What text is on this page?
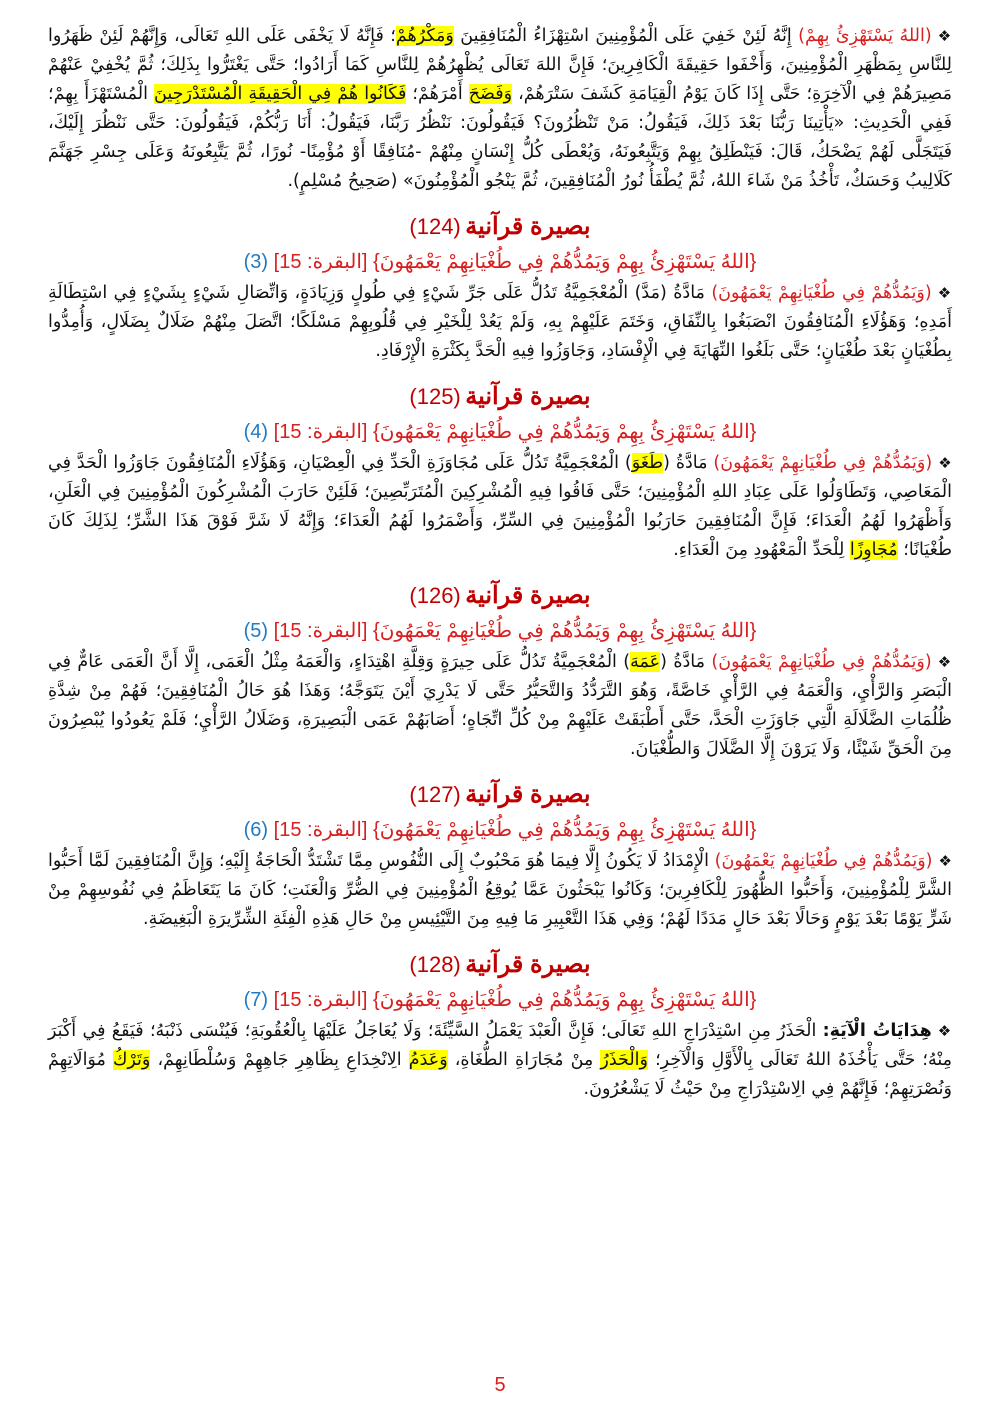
❖(اللهُ يَسْتَهْزِئُ بِهِمْ) إِنَّهُ لَئِنْ خَفِيَ عَلَى الْمُؤْمِنِينَ اسْتِهْزَاءُ الْمُنَافِقِينَ وَمَكْرُهُمْ؛ فَإِنَّهُ لَا يَخْفَى عَلَى اللهِ تَعَالَى، وَإِنَّهُمْ لَئِنْ ظَهَرُوا لِلنَّاسِ بِمَظْهَرِ الْمُؤْمِنِينَ، وَأَخْفَوا حَقِيقَةَ الْكَافِرِينَ؛ فَإِنَّ اللهَ تَعَالَى يُظْهِرُهُمْ لِلنَّاسِ كَمَا أَرَادُوا؛ حَتَّى يَغْتَرُّوا بِذَلِكَ؛ ثُمَّ يُخْفِيْ عَنْهُمْ مَصِيرَهُمْ فِي الْآخِرَةِ؛ حَتَّى إِذَا كَانَ يَوْمُ الْقِيَامَةِ كَشَفَ سَتْرَهُمْ، وَفَضَحَ أَمْرَهُمْ؛ فَكَانُوا هُمْ فِي الْحَقِيقَةِ الْمُسْتَدْرَجِينَ الْمُسْتَهْزَأَ بِهِمْ؛ فَفِي الْحَدِيثِ: «يَأْتِينَا رَبُّنَا بَعْدَ ذَلِكَ، فَيَقُولُ: مَنْ تَنْظُرُونَ؟ فَيَقُولُونَ: نَنْظُرُ رَبَّنَا، فَيَقُولُ: أَنَا رَبُّكُمْ، فَيَقُولُونَ: حَتَّى نَنْظُرَ إِلَيْكَ، فَيَتَجَلَّى لَهُمْ يَضْحَكُ، قَالَ: فَيَنْطَلِقُ بِهِمْ وَيَتَّبِعُونَهُ، وَيُعْطَى كُلُّ إِنْسَانٍ مِنْهُمْ -مُنَافِقًا أَوْ مُؤْمِنًا- نُورًا، ثُمَّ يَتَّبِعُونَهُ وَعَلَى جِسْرِ جَهَنَّمَ كَلَالِيبُ وَحَسَكٌ، تَأْخُذُ مَنْ شَاءَ اللهُ، ثُمَّ يُطْفَأُ نُورُ الْمُنَافِقِينَ، ثُمَّ يَنْجُو الْمُؤْمِنُونَ» (صَحِيحُ مُسْلِمٍ).

بصيرة قرآنية (124)
{اللهُ يَسْتَهْزِئُ بِهِمْ وَيَمُدُّهُمْ فِي طُغْيَانِهِمْ يَعْمَهُونَ} [البقرة: 15] (3)

❖(وَيَمُدُّهُمْ فِي طُغْيَانِهِمْ يَعْمَهُونَ) مَادَّةُ (مَدَّ) الْمُعْجَمِيَّةُ تَدُلُّ عَلَى جَرِّ شَيْءٍ فِي طُولٍ وَزِيَادَةٍ، وَاتِّصَالِ شَيْءٍ بِشَيْءٍ فِي اسْتِطَالَةِ أَمَدِهِ؛ وَهَؤُلَاءِ الْمُنَافِقُونَ انْصَبَغُوا بِالنِّفَاقِ، وَخَتَمَ عَلَيْهِمْ بِهِ، وَلَمْ يَعُدْ لِلْخَيْرِ فِي قُلُوبِهِمْ مَسْلَكًا؛ اتَّصَلَ مِنْهُمْ ضَلَالٌ بِضَلَالٍ، وَأُمِدُّوا بِطُغْيَانٍ بَعْدَ طُغْيَانٍ؛ حَتَّى بَلَغُوا النِّهَايَةَ فِي الْإِفْسَادِ، وَجَاوَزُوا فِيهِ الْحَدَّ بِكَثْرَةِ الْإِرْفَادِ.

بصيرة قرآنية (125)
{اللهُ يَسْتَهْزِئُ بِهِمْ وَيَمُدُّهُمْ فِي طُغْيَانِهِمْ يَعْمَهُونَ} [البقرة: 15] (4)

❖(وَيَمُدُّهُمْ فِي طُغْيَانِهِمْ يَعْمَهُونَ) مَادَّةُ (طَغَوَ) الْمُعْجَمِيَّةُ تَدُلُّ عَلَى مُجَاوَزَةِ الْحَدِّ فِي الْعِصْيَانِ، وَهَؤُلَاءِ الْمُنَافِقُونَ جَاوَزُوا الْحَدَّ فِي الْمَعَاصِي، وَتَطَاوَلُوا عَلَى عِبَادِ اللهِ الْمُؤْمِنِينَ؛ حَتَّى فَاقُوا فِيهِ الْمُشْرِكِينَ الْمُتَرَبِّصِينَ؛ فَلَئِنْ حَارَبَ الْمُشْرِكُونَ الْمُؤْمِنِينَ فِي الْعَلَنِ، وَأَظْهَرُوا لَهُمُ الْعَدَاءَ؛ فَإِنَّ الْمُنَافِقِينَ حَارَبُوا الْمُؤْمِنِينَ فِي السِّرِّ، وَأَضْمَرُوا لَهُمُ الْعَدَاءَ؛ وَإِنَّهُ لَا شَرَّ فَوْقَ هَذَا الشَّرِّ؛ لِذَلِكَ كَانَ طُغْيَانًا؛ مُجَاوِزًا لِلْحَدِّ الْمَعْهُودِ مِنَ الْعَدَاءِ.

بصيرة قرآنية (126)
{اللهُ يَسْتَهْزِئُ بِهِمْ وَيَمُدُّهُمْ فِي طُغْيَانِهِمْ يَعْمَهُونَ} [البقرة: 15] (5)

❖(وَيَمُدُّهُمْ فِي طُغْيَانِهِمْ يَعْمَهُونَ) مَادَّةُ (عَمَهَ) الْمُعْجَمِيَّةُ تَدُلُّ عَلَى حِيرَةٍ وَقِلَّةِ اهْتِدَاءٍ، وَالْعَمَهُ مِثْلُ الْعَمَى، إِلَّا أَنَّ الْعَمَى عَامٌّ فِي الْبَصَرِ وَالرَّأْيِ، وَالْعَمَهُ فِي الرَّأْيِ خَاصَّةً، وَهُوَ التَّرَدُّدُ وَالتَّحَيُّرُ حَتَّى لَا يَدْرِيَ أَيْنَ يَتَوَجَّهُ؛ وَهَذَا هُوَ حَالُ الْمُنَافِقِينَ؛ فَهُمْ مِنْ شِدَّةِ ظُلُمَاتِ الضَّلَالَةِ الَّتِي جَاوَزَتِ الْحَدَّ، حَتَّى أَطْبَقَتْ عَلَيْهِمْ مِنْ كُلِّ اتِّجَاهٍ؛ أَصَابَهُمْ عَمَى الْبَصِيرَةِ، وَضَلَالُ الرَّأْيِ؛ فَلَمْ يَعُودُوا يُبْصِرُونَ مِنَ الْحَقِّ شَيْئًا، وَلَا يَرَوْنَ إِلَّا الضَّلَالَ وَالطُّغْيَانَ.

بصيرة قرآنية (127)
{اللهُ يَسْتَهْزِئُ بِهِمْ وَيَمُدُّهُمْ فِي طُغْيَانِهِمْ يَعْمَهُونَ} [البقرة: 15] (6)

❖(وَيَمُدُّهُمْ فِي طُغْيَانِهِمْ يَعْمَهُونَ) الْإِمْدَادُ لَا يَكُونُ إِلَّا فِيمَا هُوَ مَحْبُوبٌ إِلَى النُّفُوسِ مِمَّا تَشْتَدُّ الْحَاجَةُ إِلَيْهِ؛ وَإِنَّ الْمُنَافِقِينَ لَمَّا أَحَبُّوا الشَّرَّ لِلْمُؤْمِنِينَ، وَأَحَبُّوا الظُّهُورَ لِلْكَافِرِينَ؛ وَكَانُوا يَبْحَثُونَ عَمَّا يُوقِعُ الْمُؤْمِنِينَ فِي الضُّرِّ وَالْعَنَتِ؛ كَانَ مَا يَتَعَاظَمُ فِي نُفُوسِهِمْ مِنْ شَرٍّ يَوْمًا بَعْدَ يَوْمٍ وَحَالًا بَعْدَ حَالٍ مَدَدًا لَهُمْ؛ وَفِي هَذَا التَّعْبِيرِ مَا فِيهِ مِنَ التَّيْئِيسِ مِنْ حَالِ هَذِهِ الْفِئَةِ الشِّرِّيرَةِ الْبَغِيضَةِ.

بصيرة قرآنية (128)
{اللهُ يَسْتَهْزِئُ بِهِمْ وَيَمُدُّهُمْ فِي طُغْيَانِهِمْ يَعْمَهُونَ} [البقرة: 15] (7)

❖هِدَايَاتُ الْآيَةِ: الْحَذَرُ مِنِ اسْتِدْرَاجِ اللهِ تَعَالَى؛ فَإِنَّ الْعَبْدَ يَعْمَلُ السَّيِّئَةَ؛ وَلَا يُعَاجَلُ عَلَيْهَا بِالْعُقُوبَةِ؛ فَيُنْسَى ذَنْبَهُ؛ فَيَقَعُ فِي أَكْبَرَ مِنْهُ؛ حَتَّى يَأْخُذَهُ اللهُ تَعَالَى بِالْأَوَّلِ وَالْآخِرِ؛ وَالْحَذَرُ مِنْ مُجَارَاةِ الطُّغَاةِ، وَعَدَمُ الِانْخِدَاعِ بِظَاهِرِ جَاهِهِمْ وَسُلْطَانِهِمْ، وَتَرْكُ مُوَالَاتِهِمْ وَنُصْرَتِهِمْ؛ فَإِنَّهُمْ فِي الِاسْتِدْرَاجِ مِنْ حَيْثُ لَا يَشْعُرُونَ.

5
